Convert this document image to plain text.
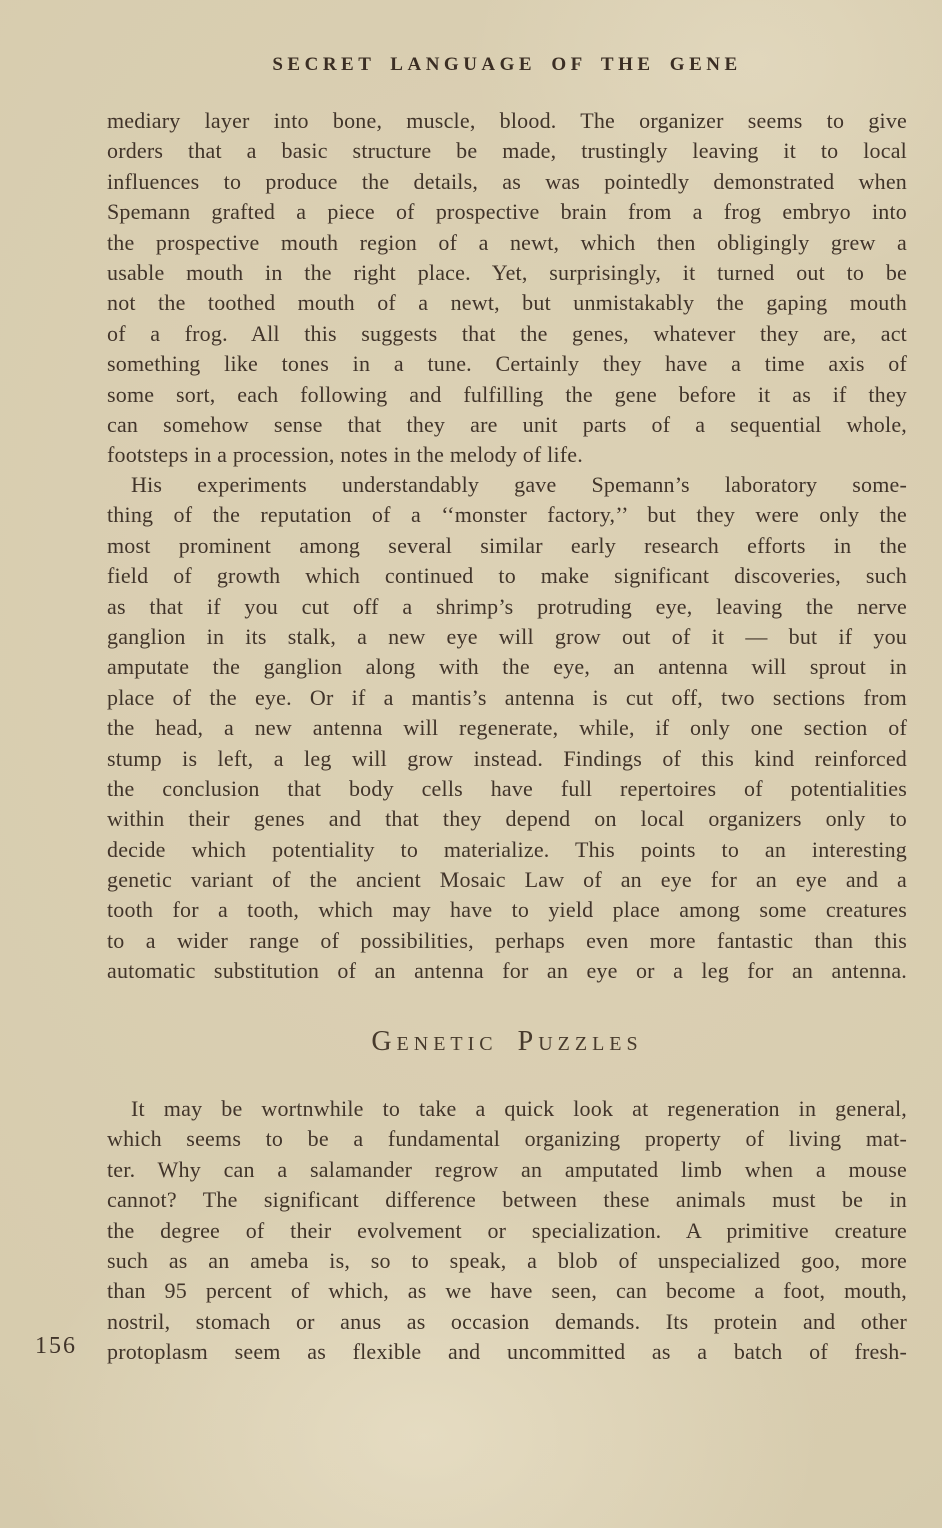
SECRET LANGUAGE OF THE GENE
mediary layer into bone, muscle, blood. The organizer seems to give
orders that a basic structure be made, trustingly leaving it to local
influences to produce the details, as was pointedly demonstrated when
Spemann grafted a piece of prospective brain from a frog embryo into
the prospective mouth region of a newt, which then obligingly grew a
usable mouth in the right place. Yet, surprisingly, it turned out to be
not the toothed mouth of a newt, but unmistakably the gaping mouth
of a frog. All this suggests that the genes, whatever they are, act
something like tones in a tune. Certainly they have a time axis of
some sort, each following and fulfilling the gene before it as if they
can somehow sense that they are unit parts of a sequential whole,
footsteps in a procession, notes in the melody of life.
His experiments understandably gave Spemann’s laboratory some-
thing of the reputation of a ‘‘monster factory,’’ but they were only the
most prominent among several similar early research efforts in the
field of growth which continued to make significant discoveries, such
as that if you cut off a shrimp’s protruding eye, leaving the nerve
ganglion in its stalk, a new eye will grow out of it — but if you
amputate the ganglion along with the eye, an antenna will sprout in
place of the eye. Or if a mantis’s antenna is cut off, two sections from
the head, a new antenna will regenerate, while, if only one section of
stump is left, a leg will grow instead. Findings of this kind reinforced
the conclusion that body cells have full repertoires of potentialities
within their genes and that they depend on local organizers only to
decide which potentiality to materialize. This points to an interesting
genetic variant of the ancient Mosaic Law of an eye for an eye and a
tooth for a tooth, which may have to yield place among some creatures
to a wider range of possibilities, perhaps even more fantastic than this
automatic substitution of an antenna for an eye or a leg for an antenna.
Genetic Puzzles
It may be wortnwhile to take a quick look at regeneration in general,
which seems to be a fundamental organizing property of living mat-
ter. Why can a salamander regrow an amputated limb when a mouse
cannot? The significant difference between these animals must be in
the degree of their evolvement or specialization. A primitive creature
such as an ameba is, so to speak, a blob of unspecialized goo, more
than 95 percent of which, as we have seen, can become a foot, mouth,
nostril, stomach or anus as occasion demands. Its protein and other
protoplasm seem as flexible and uncommitted as a batch of fresh-
156
